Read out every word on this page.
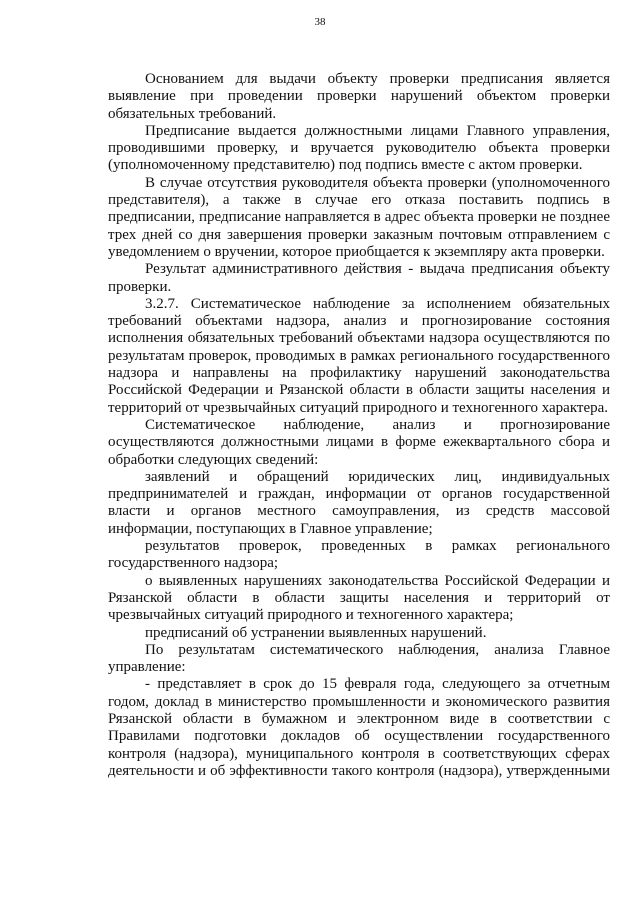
38

Основанием для выдачи объекту проверки предписания является выявление при проведении проверки нарушений объектом проверки обязательных требований.

Предписание выдается должностными лицами Главного управления, проводившими проверку, и вручается руководителю объекта проверки (уполномоченному представителю) под подпись вместе с актом проверки.

В случае отсутствия руководителя объекта проверки (уполномоченного представителя), а также в случае его отказа поставить подпись в предписании, предписание направляется в адрес объекта проверки не позднее трех дней со дня завершения проверки заказным почтовым отправлением с уведомлением о вручении, которое приобщается к экземпляру акта проверки.

Результат административного действия - выдача предписания объекту проверки.

3.2.7. Систематическое наблюдение за исполнением обязательных требований объектами надзора, анализ и прогнозирование состояния исполнения обязательных требований объектами надзора осуществляются по результатам проверок, проводимых в рамках регионального государственного надзора и направлены на профилактику нарушений законодательства Российской Федерации и Рязанской области в области защиты населения и территорий от чрезвычайных ситуаций природного и техногенного характера.

Систематическое наблюдение, анализ и прогнозирование осуществляются должностными лицами в форме ежеквартального сбора и обработки следующих сведений:

заявлений и обращений юридических лиц, индивидуальных предпринимателей и граждан, информации от органов государственной власти и органов местного самоуправления, из средств массовой информации, поступающих в Главное управление;

результатов проверок, проведенных в рамках регионального государственного надзора;

о выявленных нарушениях законодательства Российской Федерации и Рязанской области в области защиты населения и территорий от чрезвычайных ситуаций природного и техногенного характера;

предписаний об устранении выявленных нарушений.

По результатам систематического наблюдения, анализа Главное управление:

- представляет в срок до 15 февраля года, следующего за отчетным годом, доклад в министерство промышленности и экономического развития Рязанской области в бумажном и электронном виде в соответствии с Правилами подготовки докладов об осуществлении государственного контроля (надзора), муниципального контроля в соответствующих сферах деятельности и об эффективности такого контроля (надзора), утвержденными
